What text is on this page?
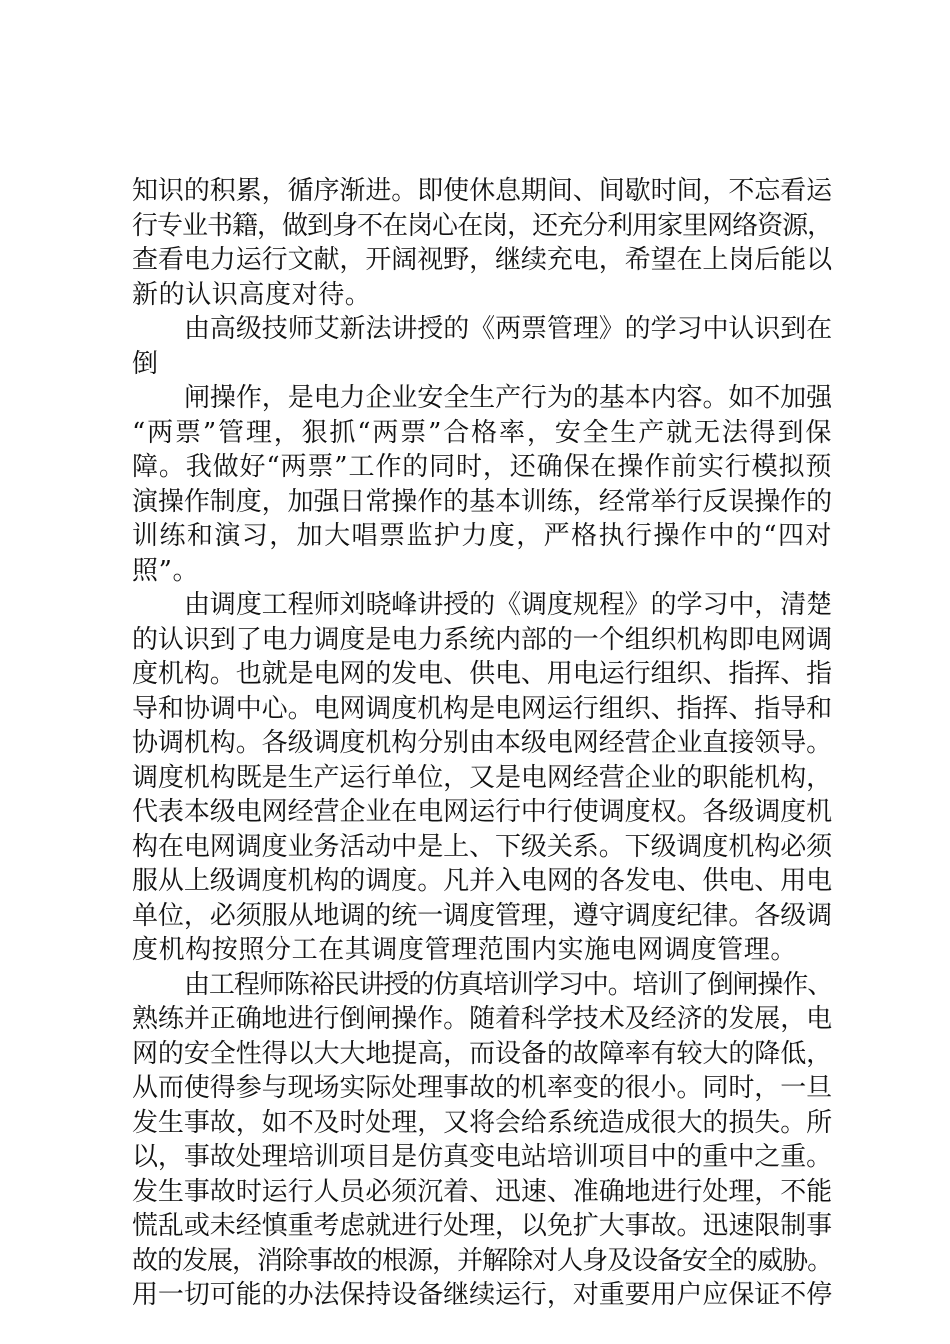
知识的积累，循序渐进。即使休息期间、间歇时间，不忘看运
行专业书籍，做到身不在岗心在岗，还充分利用家里网络资源，
查看电力运行文献，开阔视野，继续充电，希望在上岗后能以
新的认识高度对待。
由高级技师艾新法讲授的《两票管理》的学习中认识到在
倒
闸操作，是电力企业安全生产行为的基本内容。如不加强
“两票”管理，狠抓“两票”合格率，安全生产就无法得到保
障。我做好“两票”工作的同时，还确保在操作前实行模拟预
演操作制度，加强日常操作的基本训练，经常举行反误操作的
训练和演习，加大唱票监护力度，严格执行操作中的“四对
照”。
由调度工程师刘晓峰讲授的《调度规程》的学习中，清楚
的认识到了电力调度是电力系统内部的一个组织机构即电网调
度机构。也就是电网的发电、供电、用电运行组织、指挥、指
导和协调中心。电网调度机构是电网运行组织、指挥、指导和
协调机构。各级调度机构分别由本级电网经营企业直接领导。
调度机构既是生产运行单位，又是电网经营企业的职能机构，
代表本级电网经营企业在电网运行中行使调度权。各级调度机
构在电网调度业务活动中是上、下级关系。下级调度机构必须
服从上级调度机构的调度。凡并入电网的各发电、供电、用电
单位，必须服从地调的统一调度管理，遵守调度纪律。各级调
度机构按照分工在其调度管理范围内实施电网调度管理。
由工程师陈裕民讲授的仿真培训学习中。培训了倒闸操作、
熟练并正确地进行倒闸操作。随着科学技术及经济的发展，电
网的安全性得以大大地提高，而设备的故障率有较大的降低，
从而使得参与现场实际处理事故的机率变的很小。同时，一旦
发生事故，如不及时处理，又将会给系统造成很大的损失。所
以，事故处理培训项目是仿真变电站培训项目中的重中之重。
发生事故时运行人员必须沉着、迅速、准确地进行处理，不能
慌乱或未经慎重考虑就进行处理，以免扩大事故。迅速限制事
故的发展，消除事故的根源，并解除对人身及设备安全的威胁。
用一切可能的办法保持设备继续运行，对重要用户应保证不停
